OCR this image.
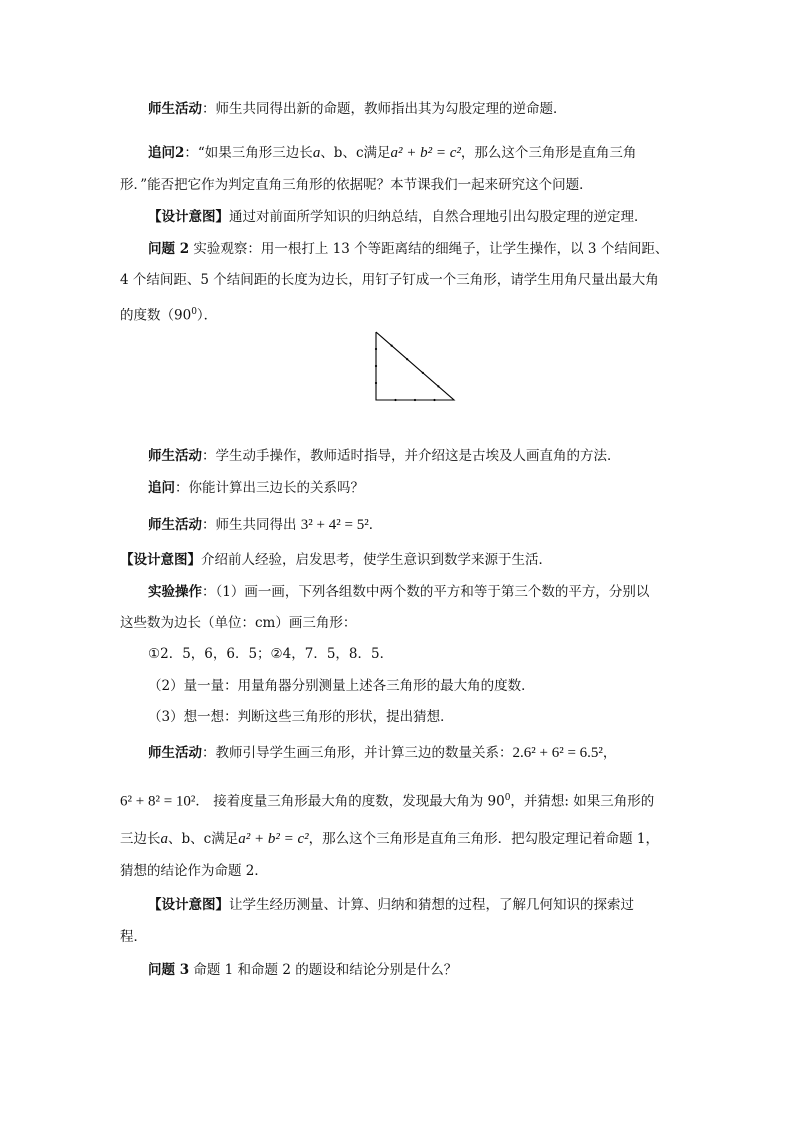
师生活动：师生共同得出新的命题，教师指出其为勾股定理的逆命题．
追问2：“如果三角形三边长a、b、c满足a² + b² = c²，那么这个三角形是直角三角
形．”能否把它作为判定直角三角形的依据呢？本节课我们一起来研究这个问题．
【设计意图】通过对前面所学知识的归纳总结，自然合理地引出勾股定理的逆定理．
问题 2 实验观察：用一根打上 13 个等距离结的细绳子，让学生操作，以 3 个结间距、
4 个结间距、5 个结间距的长度为边长，用钉子钉成一个三角形，请学生用角尺量出最大角
的度数$(90^0)$．
师生活动：学生动手操作，教师适时指导，并介绍这是古埃及人画直角的方法．
追问：你能计算出三边长的关系吗？
师生活动：师生共同得出 3² + 4² = 5²．
【设计意图】介绍前人经验，启发思考，使学生意识到数学来源于生活．
实验操作：（1）画一画，下列各组数中两个数的平方和等于第三个数的平方，分别以
这些数为边长（单位：cm）画三角形：
①2．5，6，6．5；②4，7．5，8．5．
（2）量一量：用量角器分别测量上述各三角形的最大角的度数．
（3）想一想：判断这些三角形的形状，提出猜想．
师生活动：教师引导学生画三角形，并计算三边的数量关系：2.6² + 6² = 6.5²，
6² + 8² = 10²． 接着度量三角形最大角的度数，发现最大角为 $90^0$，并猜想: 如果三角形的
三边长a、b、c满足a² + b² = c²，那么这个三角形是直角三角形．把勾股定理记着命题 1，
猜想的结论作为命题 2．
【设计意图】让学生经历测量、计算、归纳和猜想的过程，了解几何知识的探索过
程．
问题 3 命题 1 和命题 2 的题设和结论分别是什么？
